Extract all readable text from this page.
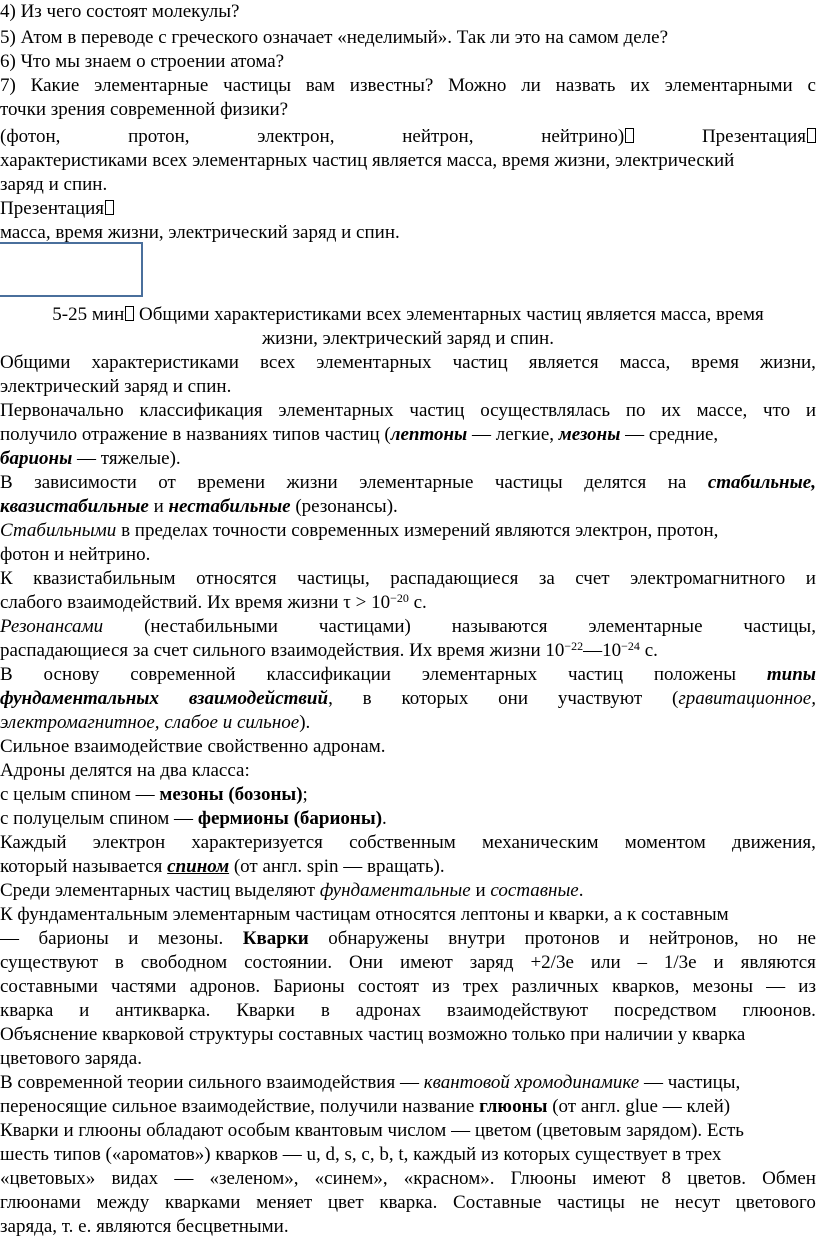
4) Из чего состоят молекулы?
5) Атом в переводе с греческого означает «неделимый». Так ли это на самом деле?
6) Что мы знаем о строении атома?
7) Какие элементарные частицы вам известны? Можно ли назвать их элементарными с
точки зрения современной физики?
(фотон,	протон,	электрон,	нейтрон,	нейтрино)	Презентация
характеристиками всех элементарных частиц является масса, время жизни, электрический
заряд и спин.
Презентация
масса, время жизни, электрический заряд и спин.
5-25 мин Общими характеристиками всех элементарных частиц является масса, время
жизни, электрический заряд и спин.
Общими характеристиками всех элементарных частиц является масса, время жизни,
электрический заряд и спин.
Первоначально классификация элементарных частиц осуществлялась по их массе, что и
получило отражение в названиях типов частиц (лептоны — легкие, мезоны — средние,
барионы — тяжелые).
В зависимости от времени жизни элементарные частицы делятся на стабильные,
квазистабильные и нестабильные (резонансы).
Стабильными в пределах точности современных измерений являются электрон, протон,
фотон и нейтрино.
К квазистабильным относятся частицы, распадающиеся за счет электромагнитного и
слабого взаимодействий. Их время жизни $\tau > 10^{-20}$ с.
Резонансами (нестабильными частицами) называются элементарные частицы,
распадающиеся за счет сильного взаимодействия. Их время жизни $10^{-22}—10^{-24}$ с.
В основу современной классификации элементарных частиц положены типы
фундаментальных взаимодействий, в которых они участвуют (гравитационное,
электромагнитное, слабое и сильное).
Сильное взаимодействие свойственно адронам.
Адроны делятся на два класса:
с целым спином — мезоны (бозоны);
с полуцелым спином — фермионы (барионы).
Каждый электрон характеризуется собственным механическим моментом движения,
который называется спином (от англ. spin — вращать).
Среди элементарных частиц выделяют фундаментальные и составные.
К фундаментальным элементарным частицам относятся лептоны и кварки, а к составным
— барионы и мезоны. Кварки обнаружены внутри протонов и нейтронов, но не
существуют в свободном состоянии. Они имеют заряд +2/3e или – 1/3e и являются
составными частями адронов. Барионы состоят из трех различных кварков, мезоны — из
кварка и антикварка. Кварки в адронах взаимодействуют посредством глюонов.
Объяснение кварковой структуры составных частиц возможно только при наличии у кварка
цветового заряда.
В современной теории сильного взаимодействия — квантовой хромодинамике — частицы,
переносящие сильное взаимодействие, получили название глюоны (от англ. glue — клей)
Кварки и глюоны обладают особым квантовым числом — цветом (цветовым зарядом). Есть
шесть типов («ароматов») кварков — u, d, s, c, b, t, каждый из которых существует в трех
«цветовых» видах — «зеленом», «синем», «красном». Глюоны имеют 8 цветов. Обмен
глюонами между кварками меняет цвет кварка. Составные частицы не несут цветового
заряда, т. е. являются бесцветными.
